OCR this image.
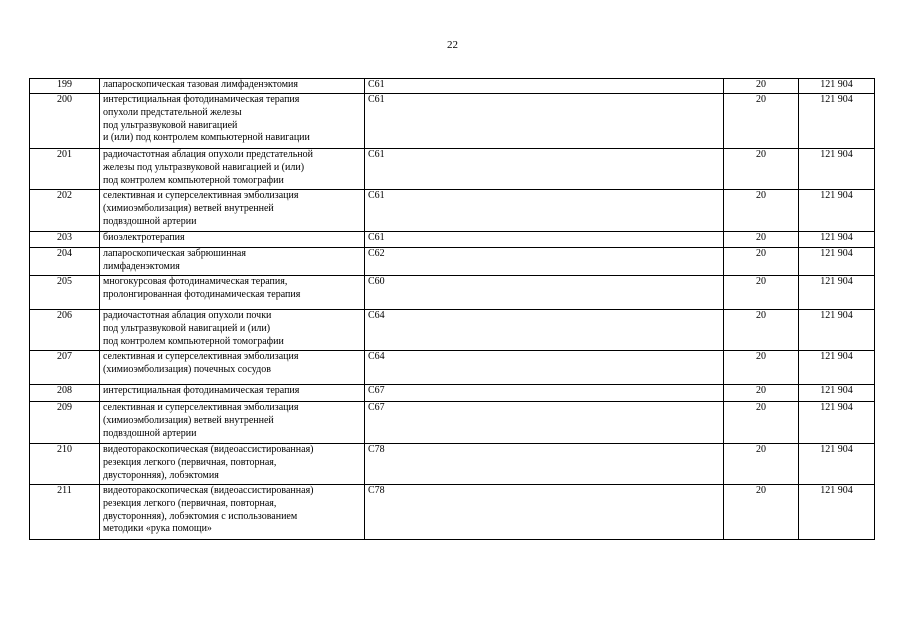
22
199	лапароскопическая тазовая лимфаденэктомия	C61	20	121 904
200	интерстициальная фотодинамическая терапия
опухоли предстательной железы
под ультразвуковой навигацией
и (или) под контролем компьютерной навигации	C61	20	121 904
201	радиочастотная аблация опухоли предстательной
железы под ультразвуковой навигацией и (или)
под контролем компьютерной томографии	C61	20	121 904
202	селективная и суперселективная эмболизация
(химиоэмболизация) ветвей внутренней
подвздошной артерии	C61	20	121 904
203	биоэлектротерапия	C61	20	121 904
204	лапароскопическая забрюшинная
лимфаденэктомия	C62	20	121 904
205	многокурсовая фотодинамическая терапия,
пролонгированная фотодинамическая терапия	C60	20	121 904
206	радиочастотная аблация опухоли почки
под ультразвуковой навигацией и (или)
под контролем компьютерной томографии	C64	20	121 904
207	селективная и суперселективная эмболизация
(химиоэмболизация) почечных сосудов	C64	20	121 904
208	интерстициальная фотодинамическая терапия	C67	20	121 904
209	селективная и суперселективная эмболизация
(химиоэмболизация) ветвей внутренней
подвздошной артерии	C67	20	121 904
210	видеоторакоскопическая (видеоассистированная)
резекция легкого (первичная, повторная,
двусторонняя), лобэктомия	C78	20	121 904
211	видеоторакоскопическая (видеоассистированная)
резекция легкого (первичная, повторная,
двусторонняя), лобэктомия с использованием
методики «рука помощи»	C78	20	121 904
